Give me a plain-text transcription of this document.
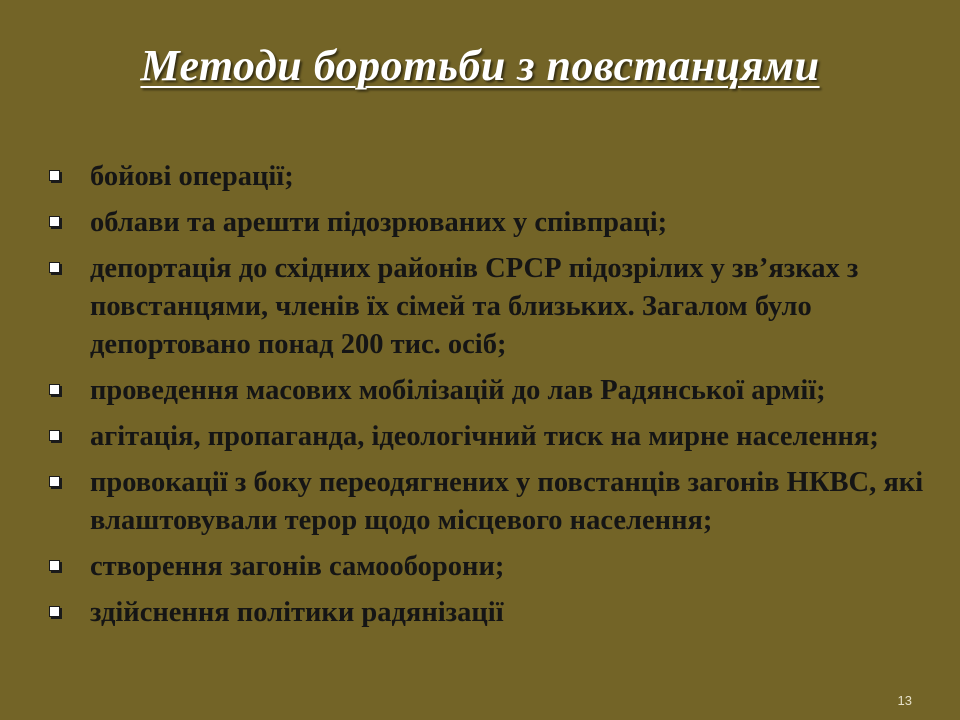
Методи боротьби з повстанцями
бойові операції;
облави та арешти підозрюваних у співпраці;
депортація до східних районів СРСР підозрілих у зв’язках з повстанцями, членів їх сімей та близьких. Загалом було депортовано понад 200 тис. осіб;
проведення масових мобілізацій до лав Радянської армії;
агітація, пропаганда, ідеологічний тиск на мирне населення;
провокації з боку переодягнених у повстанців загонів НКВС, які влаштовували терор щодо місцевого населення;
створення загонів самооборони;
здійснення політики радянізації
13
